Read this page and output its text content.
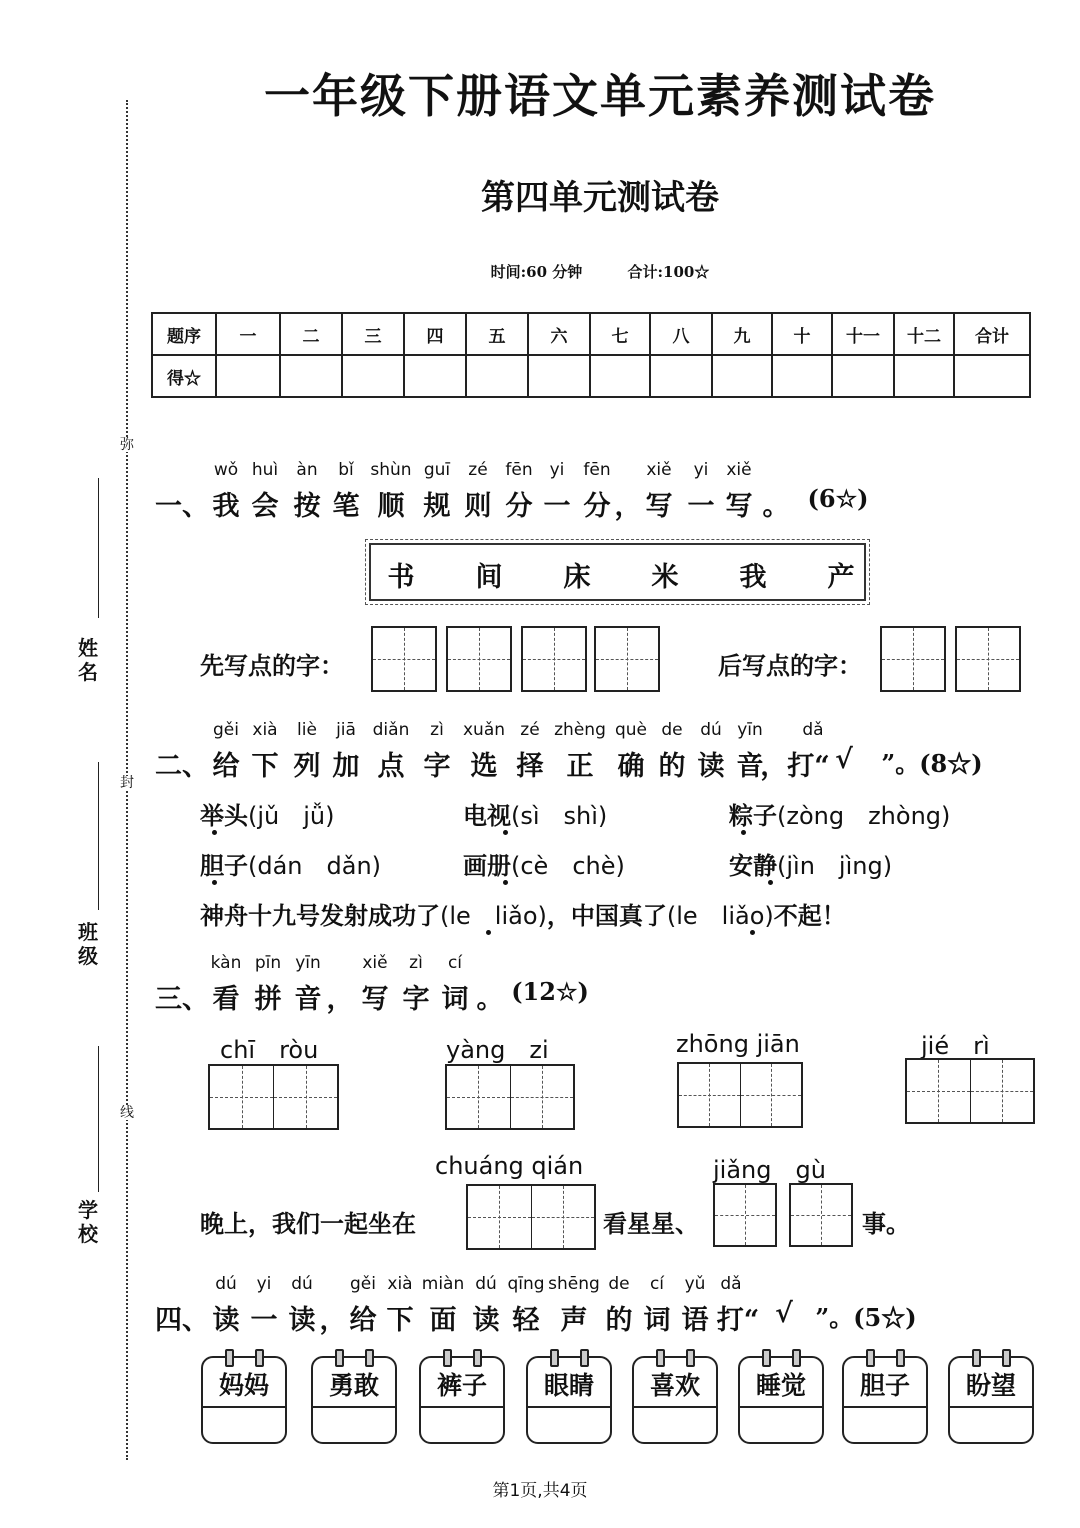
弥
封
线
姓
名
班
级
学
校
一年级下册语文单元素养测试卷
第四单元测试卷
时间:60 分钟	合计:100☆
题序	一	二	三	四	五	六	七	八	九	十	十一	十二	合计
得☆													
wǒ huì àn bǐ shùn guī zé fēn yi fēn xiě yi xiě
一、 我 会 按 笔 顺 规 则 分 一 分 ， 写 一 写 。 (6☆)
书 间 床 米 我 产
先写点的字：	后写点的字：
gěi xià liè jiā diǎn zì xuǎn zé zhèng què de dú yīn dǎ
二、 给 下 列 加 点 字 选 择 正 确 的 读 音
，打“ √ ”。(8☆)
举头(jǔ　jǚ)	电视(sì　shì)	粽子(zòng　zhòng)
胆子(dán　dǎn)	画册(cè　chè)	安静(jìn　jìng)
神舟十九号发射成功了(le　liǎo)，中国真了(le　liǎo)不起！
kàn pīn yīn xiě zì cí
三、 看 拼 音 ， 写 字 词 。 (12☆)
chī　ròu	yàng　zi	zhōng jiān	jié　rì
chuáng qián	jiǎng　gù
晚上，我们一起坐在	看星星、	事。
dú yi dú gěi xià miàn dú qīng shēng de cí yǔ dǎ
四、 读 一 读 ， 给 下 面 读 轻 声 的 词 语 打“ √ ”。(5☆)
妈妈	勇敢	裤子	眼睛	喜欢	睡觉	胆子	盼望
第1页,共4页
